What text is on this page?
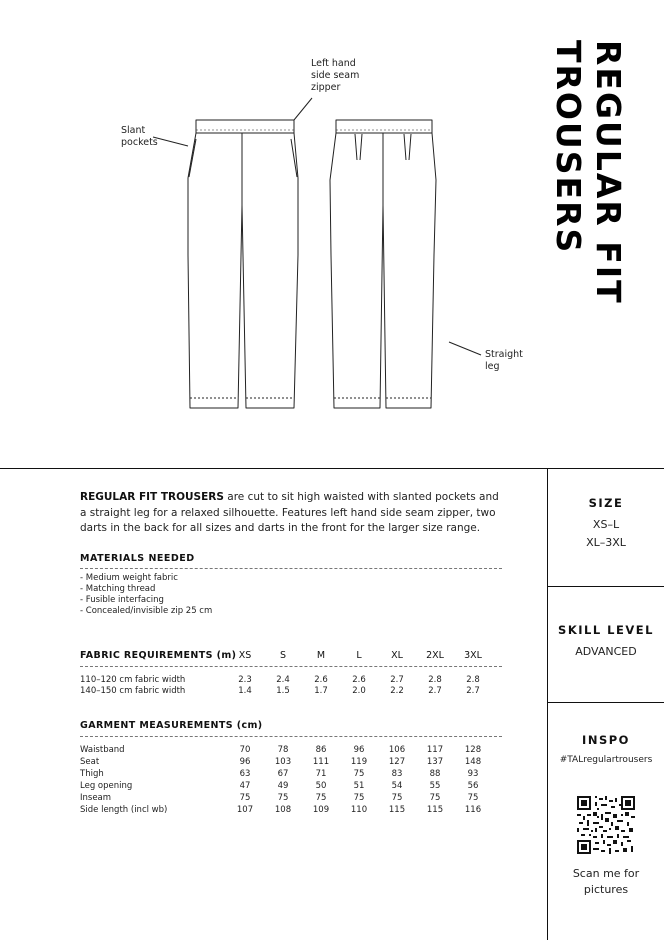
REGULAR FIT
TROUSERS
Left hand
side seam
zipper
Slant
pockets
Straight
leg

REGULAR FIT TROUSERS are cut to sit high waisted with slanted pockets and a straight leg for a relaxed silhouette. Features left hand side seam zipper, two darts in the back for all sizes and darts in the front for the larger size range.

MATERIALS NEEDED
- Medium weight fabric
- Matching thread
- Fusible interfacing
- Concealed/invisible zip 25 cm
FABRIC REQUIREMENTS (m) XS	S	M	L	XL	2XL	3XL
110–120 cm fabric width	2.3	2.4	2.6	2.6	2.7	2.8	2.8
140–150 cm fabric width	1.4	1.5	1.7	2.0	2.2	2.7	2.7
GARMENT MEASUREMENTS (cm)
Waistband	70	78	86	96	106	117	128
Seat	96	103	111	119	127	137	148
Thigh	63	67	71	75	83	88	93
Leg opening	47	49	50	51	54	55	56
Inseam	75	75	75	75	75	75	75
Side length (incl wb)	107	108	109	110	115	115	116
SIZE
XS–L
XL–3XL
SKILL LEVEL
ADVANCED
INSPO
#TALregulartrousers
Scan me for
pictures
